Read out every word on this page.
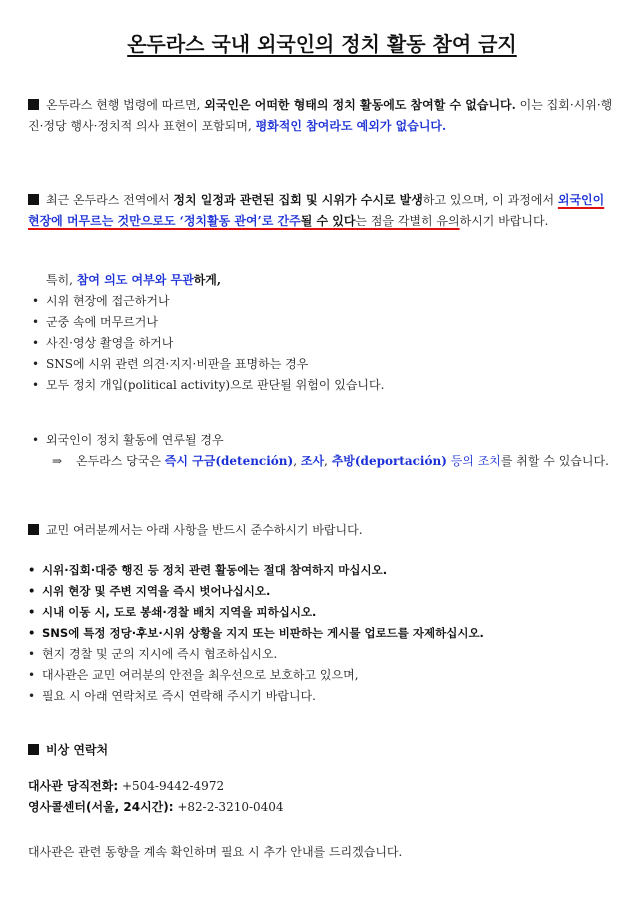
온두라스 국내 외국인의 정치 활동 참여 금지

온두라스 현행 법령에 따르면, 외국인은 어떠한 형태의 정치 활동에도 참여할 수 없습니다. 이는 집회·시위·행진·정당 행사·정치적 의사 표현이 포함되며, 평화적인 참여라도 예외가 없습니다.

최근 온두라스 전역에서 정치 일정과 관련된 집회 및 시위가 수시로 발생하고 있으며, 이 과정에서 외국인이 현장에 머무르는 것만으로도 ‘정치활동 관여’로 간주될 수 있다는 점을 각별히 유의하시기 바랍니다.

특히, 참여 의도 여부와 무관하게,

• 시위 현장에 접근하거나
• 군중 속에 머무르거나
• 사진·영상 촬영을 하거나
• SNS에 시위 관련 의견·지지·비판을 표명하는 경우
• 모두 정치 개입(political activity)으로 판단될 위험이 있습니다.
• 외국인이 정치 활동에 연루될 경우

⇒ 온두라스 당국은 즉시 구금(detención), 조사, 추방(deportación) 등의 조치를 취할 수 있습니다.

교민 여러분께서는 아래 사항을 반드시 준수하시기 바랍니다.

• 시위·집회·대중 행진 등 정치 관련 활동에는 절대 참여하지 마십시오.
• 시위 현장 및 주변 지역을 즉시 벗어나십시오.
• 시내 이동 시, 도로 봉쇄·경찰 배치 지역을 피하십시오.
• SNS에 특정 정당·후보·시위 상황을 지지 또는 비판하는 게시물 업로드를 자제하십시오.
• 현지 경찰 및 군의 지시에 즉시 협조하십시오.
• 대사관은 교민 여러분의 안전을 최우선으로 보호하고 있으며,
• 필요 시 아래 연락처로 즉시 연락해 주시기 바랍니다.

비상 연락처

대사관 당직전화: +504-9442-4972

영사콜센터(서울, 24시간): +82-2-3210-0404

대사관은 관련 동향을 계속 확인하며 필요 시 추가 안내를 드리겠습니다.
